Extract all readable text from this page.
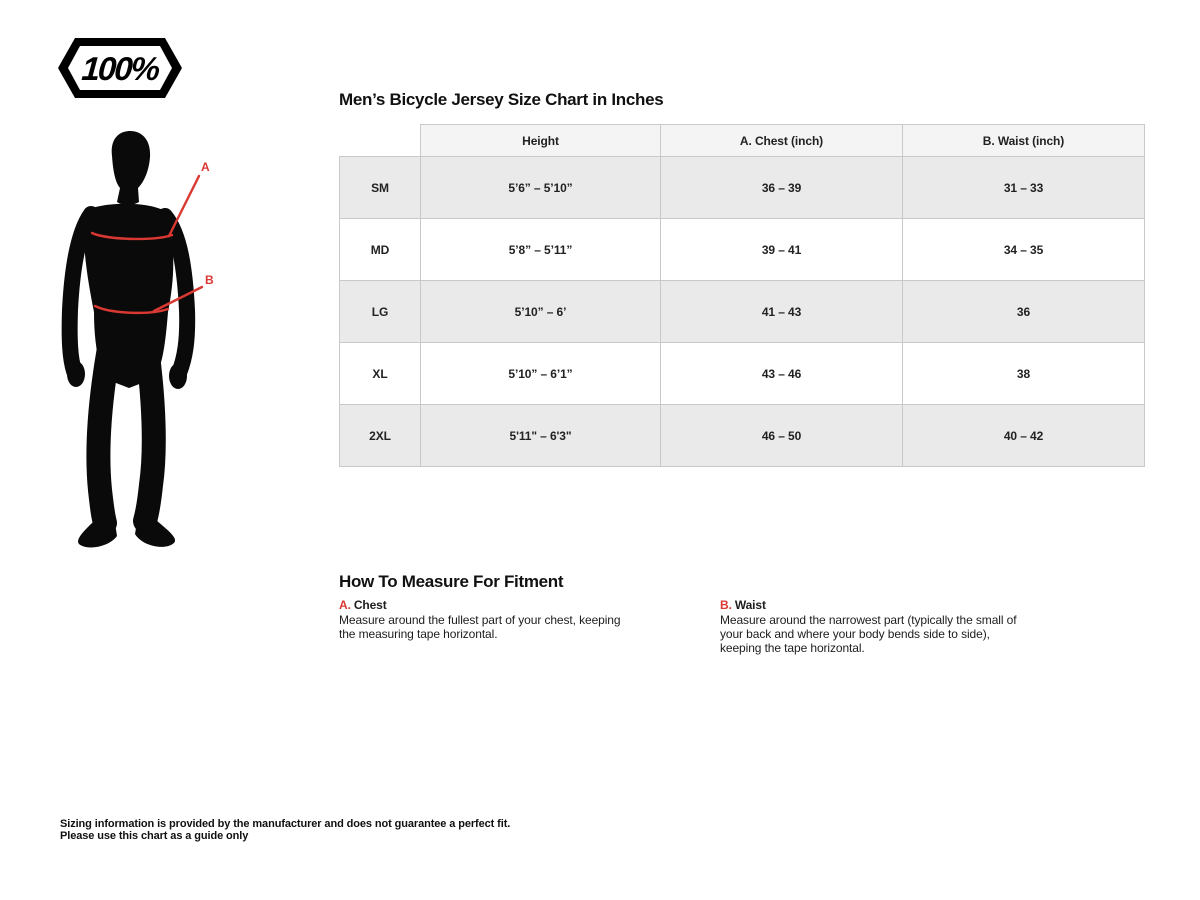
100%
A
B
Men’s Bicycle Jersey Size Chart in Inches
	Height	A. Chest (inch)	B. Waist (inch)
SM	5’6” – 5’10”	36 – 39	31 – 33
MD	5’8” – 5’11”	39 – 41	34 – 35
LG	5’10” – 6’	41 – 43	36
XL	5’10” – 6’1”	43 – 46	38
2XL	5'11" – 6'3"	46 – 50	40 – 42
How To Measure For Fitment
A. Chest
Measure around the fullest part of your chest, keeping the measuring tape horizontal.
B. Waist
Measure around the narrowest part (typically the small of your back and where your body bends side to side), keeping the tape horizontal.
Sizing information is provided by the manufacturer and does not guarantee a perfect fit.
Please use this chart as a guide only
